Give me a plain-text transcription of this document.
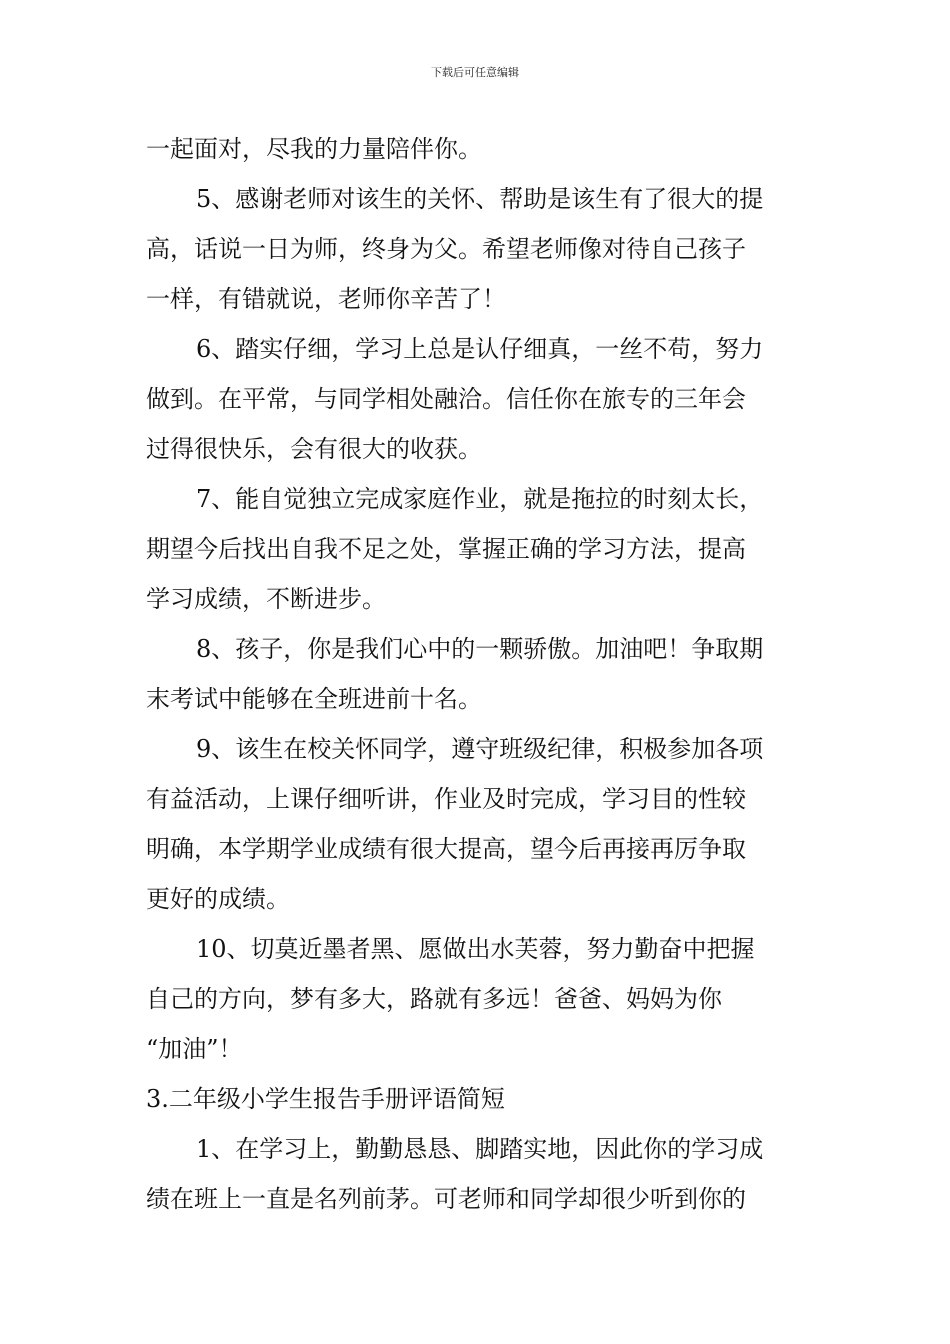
下载后可任意编辑
一起面对，尽我的力量陪伴你。
5、感谢老师对该生的关怀、帮助是该生有了很大的提
高，话说一日为师，终身为父。希望老师像对待自己孩子
一样，有错就说，老师你辛苦了！
6、踏实仔细，学习上总是认仔细真，一丝不苟，努力
做到。在平常，与同学相处融洽。信任你在旅专的三年会
过得很快乐，会有很大的收获。
7、能自觉独立完成家庭作业，就是拖拉的时刻太长，
期望今后找出自我不足之处，掌握正确的学习方法，提高
学习成绩，不断进步。
8、孩子，你是我们心中的一颗骄傲。加油吧！争取期
末考试中能够在全班进前十名。
9、该生在校关怀同学，遵守班级纪律，积极参加各项
有益活动，上课仔细听讲，作业及时完成，学习目的性较
明确，本学期学业成绩有很大提高，望今后再接再厉争取
更好的成绩。
10、切莫近墨者黑、愿做出水芙蓉，努力勤奋中把握
自己的方向，梦有多大，路就有多远！爸爸、妈妈为你
“加油”！
3.二年级小学生报告手册评语简短
1、在学习上，勤勤恳恳、脚踏实地，因此你的学习成
绩在班上一直是名列前茅。可老师和同学却很少听到你的
